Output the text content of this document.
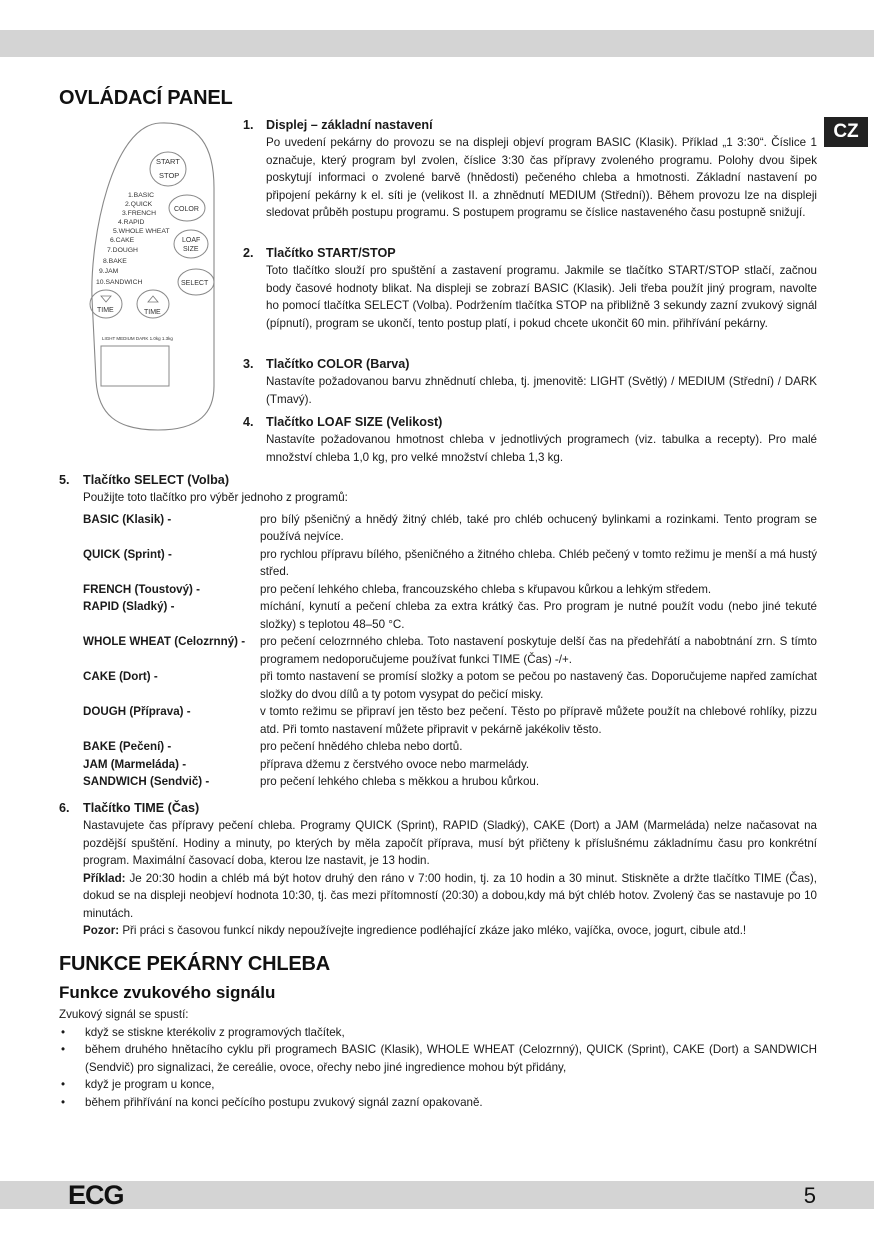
CZ
OVLÁDACÍ PANEL
START
STOP
1.BASIC
2.QUICK
3.FRENCH
4.RAPID
5.WHOLE WHEAT
6.CAKE
7.DOUGH
8.BAKE
9.JAM
10.SANDWICH
COLOR
LOAF
SIZE
SELECT
TIME	TIME
LIGHT MEDIUM DARK 1.0kg 1.3kg
1. Displej – základní nastavení
Po uvedení pekárny do provozu se na displeji objeví program BASIC (Klasik). Příklad „1 3:30“. Číslice 1 označuje, který program byl zvolen, číslice 3:30 čas přípravy zvoleného programu. Polohy dvou šipek poskytují informaci o zvolené barvě (hnědosti) pečeného chleba a hmotnosti. Základní nastavení po připojení pekárny k el. síti je (velikost II. a zhnědnutí MEDIUM (Střední)). Během provozu lze na displeji sledovat průběh postupu programu. S postupem programu se číslice nastaveného času postupně snižují.
2. Tlačítko START/STOP
Toto tlačítko slouží pro spuštění a zastavení programu. Jakmile se tlačítko START/STOP stlačí, začnou body časové hodnoty blikat. Na displeji se zobrazí BASIC (Klasik). Jeli třeba použít jiný program, navolte ho pomocí tlačítka SELECT (Volba). Podržením tlačítka STOP na přibližně 3 sekundy zazní zvukový signál (pípnutí), program se ukončí, tento postup platí, i pokud chcete ukončit 60 min. přihřívání pekárny.
3. Tlačítko COLOR (Barva)
Nastavíte požadovanou barvu zhnědnutí chleba, tj. jmenovitě: LIGHT (Světlý) / MEDIUM (Střední) / DARK (Tmavý).
4. Tlačítko LOAF SIZE (Velikost)
Nastavíte požadovanou hmotnost chleba v jednotlivých programech (viz. tabulka a recepty). Pro malé množství chleba 1,0 kg, pro velké množství chleba 1,3 kg.
5. Tlačítko SELECT (Volba)
Použijte toto tlačítko pro výběr jednoho z programů:
BASIC (Klasik) -	pro bílý pšeničný a hnědý žitný chléb, také pro chléb ochucený bylinkami a rozinkami. Tento program se používá nejvíce.
QUICK (Sprint) -	pro rychlou přípravu bílého, pšeničného a žitného chleba. Chléb pečený v tomto režimu je menší a má hustý střed.
FRENCH (Toustový) -	pro pečení lehkého chleba, francouzského chleba s křupavou kůrkou a lehkým středem.
RAPID (Sladký) -	míchání, kynutí a pečení chleba za extra krátký čas. Pro program je nutné použít vodu (nebo jiné tekuté složky) s teplotou 48–50 °C.
WHOLE WHEAT (Celozrnný) -	pro pečení celozrnného chleba. Toto nastavení poskytuje delší čas na předehřátí a nabobtnání zrn. S tímto programem nedoporučujeme používat funkci TIME (Čas) -/+.
CAKE (Dort) -	při tomto nastavení se promísí složky a potom se pečou po nastavený čas. Doporučujeme napřed zamíchat složky do dvou dílů a ty potom vysypat do pečicí misky.
DOUGH (Příprava) -	v tomto režimu se připraví jen těsto bez pečení. Těsto po přípravě můžete použít na chlebové rohlíky, pizzu atd. Při tomto nastavení můžete připravit v pekárně jakékoliv těsto.
BAKE (Pečení) -	pro pečení hnědého chleba nebo dortů.
JAM (Marmeláda) -	příprava džemu z čerstvého ovoce nebo marmelády.
SANDWICH (Sendvič) -	pro pečení lehkého chleba s měkkou a hrubou kůrkou.
6. Tlačítko TIME (Čas)
Nastavujete čas přípravy pečení chleba. Programy QUICK (Sprint), RAPID (Sladký), CAKE (Dort) a JAM (Marmeláda) nelze načasovat na pozdější spuštění. Hodiny a minuty, po kterých by měla započít příprava, musí být přičteny k příslušnému základnímu času pro konkrétní program. Maximální časovací doba, kterou lze nastavit, je 13 hodin.
Příklad: Je 20:30 hodin a chléb má být hotov druhý den ráno v 7:00 hodin, tj. za 10 hodin a 30 minut. Stiskněte a držte tlačítko TIME (Čas), dokud se na displeji neobjeví hodnota 10:30, tj. čas mezi přítomností (20:30) a dobou,kdy má být chléb hotov. Zvolený čas se nastavuje po 10 minutách.
Pozor: Při práci s časovou funkcí nikdy nepoužívejte ingredience podléhající zkáze jako mléko, vajíčka, ovoce, jogurt, cibule atd.!
FUNKCE PEKÁRNY CHLEBA
Funkce zvukového signálu
Zvukový signál se spustí:
• když se stiskne kterékoliv z programových tlačítek,
• během druhého hnětacího cyklu při programech BASIC (Klasik), WHOLE WHEAT (Celozrnný), QUICK (Sprint), CAKE (Dort) a SANDWICH (Sendvič) pro signalizaci, že cereálie, ovoce, ořechy nebo jiné ingredience mohou být přidány,
• když je program u konce,
• během přihřívání na konci pečícího postupu zvukový signál zazní opakovaně.
ECG	5
